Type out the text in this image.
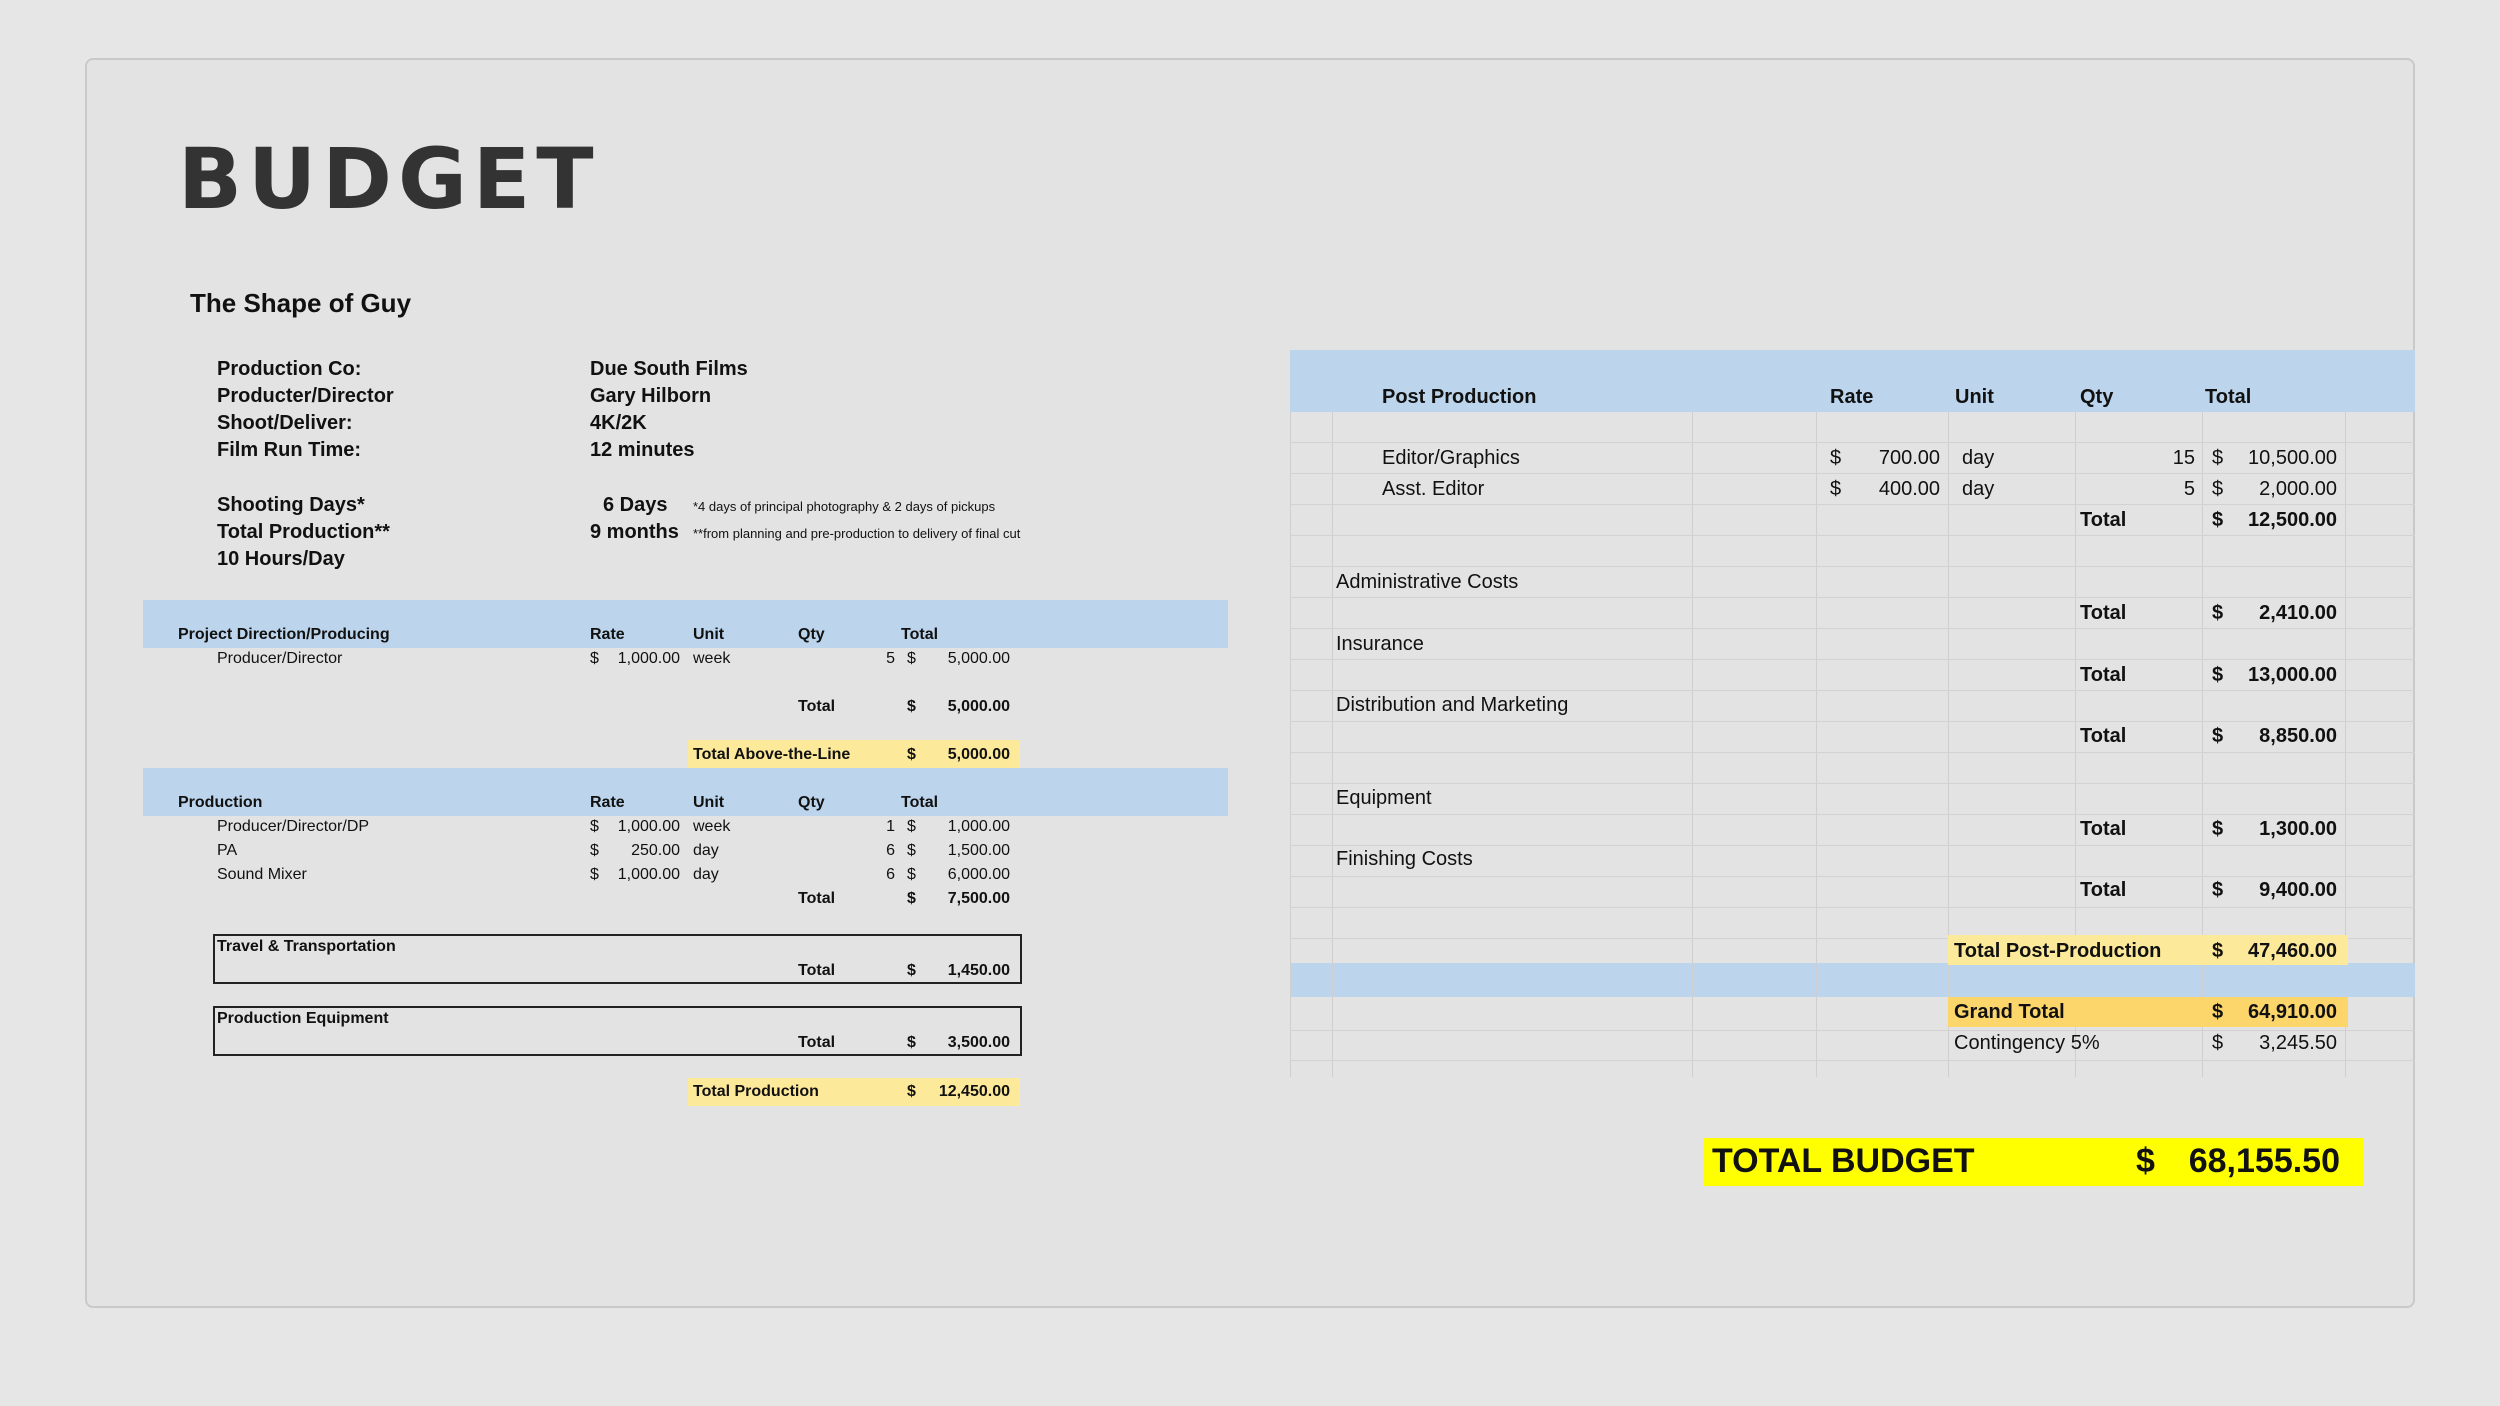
BUDGET
The Shape of Guy
Production Co:	Due South Films
Producter/Director	Gary Hilborn
Shoot/Deliver:	4K/2K
Film Run Time:	12 minutes
Shooting Days*	6 Days *4 days of principal photography & 2 days of pickups
Total Production**	9 months **from planning and pre-production to delivery of final cut
10 Hours/Day
Project Direction/Producing	Rate	Unit	Qty	Total
Producer/Director	$	1,000.00 week	5 $	5,000.00
Total	$	5,000.00
Total Above-the-Line	$	5,000.00
Production	Rate	Unit	Qty	Total
Producer/Director/DP	$	1,000.00 week	1 $	1,000.00
PA	$	250.00 day	6 $	1,500.00
Sound Mixer	$	1,000.00 day	6 $	6,000.00
Total	$	7,500.00
Travel & Transportation
Total	$	1,450.00
Production Equipment
Total	$	3,500.00
Total Production	$	12,450.00
Post Production	Rate	Unit	Qty	Total
Editor/Graphics	$	700.00 day	15 $	10,500.00
Asst. Editor	$	400.00 day	5 $	2,000.00
Total	$	12,500.00
Administrative Costs
Total	$	2,410.00
Insurance
Total	$	13,000.00
Distribution and Marketing
Total	$	8,850.00
Equipment
Total	$	1,300.00
Finishing Costs
Total	$	9,400.00
Total Post-Production	$	47,460.00
Grand Total	$	64,910.00
Contingency 5%	$	3,245.50
TOTAL BUDGET	$ 68,155.50
